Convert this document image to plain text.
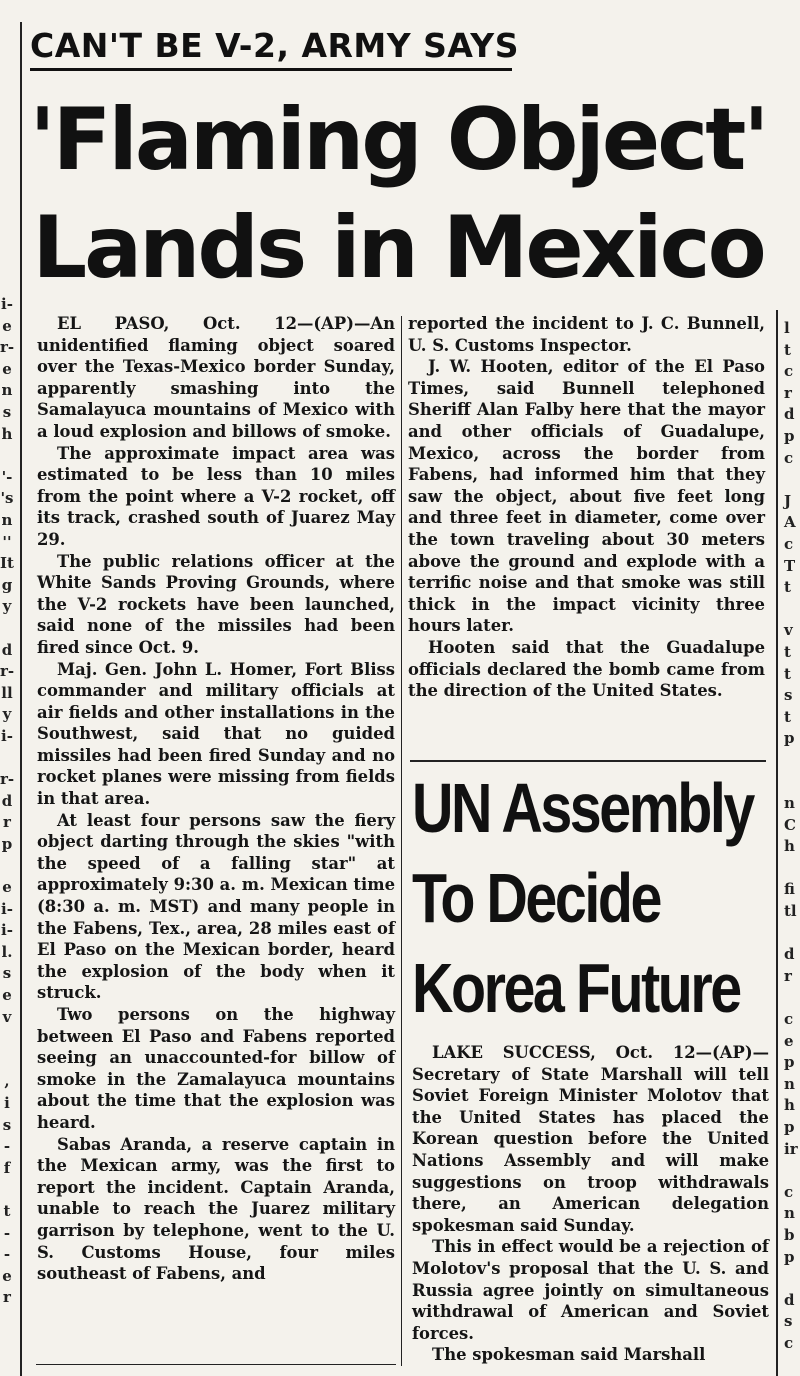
CAN'T BE V-2, ARMY SAYS
'Flaming Object'
Lands in Mexico

EL PASO, Oct. 12—(AP)—An unidentified flaming object soared over the Texas-Mexico border Sunday, apparently smashing into the Samalayuca mountains of Mexico with a loud explosion and billows of smoke.

The approximate impact area was estimated to be less than 10 miles from the point where a V-2 rocket, off its track, crashed south of Juarez May 29.

The public relations officer at the White Sands Proving Grounds, where the V-2 rockets have been launched, said none of the missiles had been fired since Oct. 9.

Maj. Gen. John L. Homer, Fort Bliss commander and military officials at air fields and other installations in the Southwest, said that no guided missiles had been fired Sunday and no rocket planes were missing from fields in that area.

At least four persons saw the fiery object darting through the skies "with the speed of a falling star" at approximately 9:30 a. m. Mexican time (8:30 a. m. MST) and many people in the Fabens, Tex., area, 28 miles east of El Paso on the Mexican border, heard the explosion of the body when it struck.

Two persons on the highway between El Paso and Fabens reported seeing an unaccounted-for billow of smoke in the Zamalayuca mountains about the time that the explosion was heard.

Sabas Aranda, a reserve captain in the Mexican army, was the first to report the incident. Captain Aranda, unable to reach the Juarez military garrison by telephone, went to the U. S. Customs House, four miles southeast of Fabens, and

reported the incident to J. C. Bunnell, U. S. Customs Inspector.

J. W. Hooten, editor of the El Paso Times, said Bunnell telephoned Sheriff Alan Falby here that the mayor and other officials of Guadalupe, Mexico, across the border from Fabens, had informed him that they saw the object, about five feet long and three feet in diameter, come over the town traveling about 30 meters above the ground and explode with a terrific noise and that smoke was still thick in the impact vicinity three hours later.

Hooten said that the Guadalupe officials declared the bomb came from the direction of the United States.

UN Assembly
To Decide
Korea Future

LAKE SUCCESS, Oct. 12—(AP)—Secretary of State Marshall will tell Soviet Foreign Minister Molotov that the United States has placed the Korean question before the United Nations Assembly and will make suggestions on troop withdrawals there, an American delegation spokesman said Sunday.

This in effect would be a rejection of Molotov's proposal that the U. S. and Russia agree jointly on simultaneous withdrawal of American and Soviet forces.

The spokesman said Marshall

i-
e
r-
e
n
s
h
'-
's
n
''
It
g
y
d
r-
ll
y
i-
r-
d
r
p
e
i-
i-
l.
s
e
v
,
i
s
-
f
t
-
-
e
r
l
t
c
r
d
p
c
J
A
c
T
t
v
t
t
s
t
p
n
C
h
fi
tl
d
r
c
e
p
n
h
p
ir
c
n
b
p
d
s
c
